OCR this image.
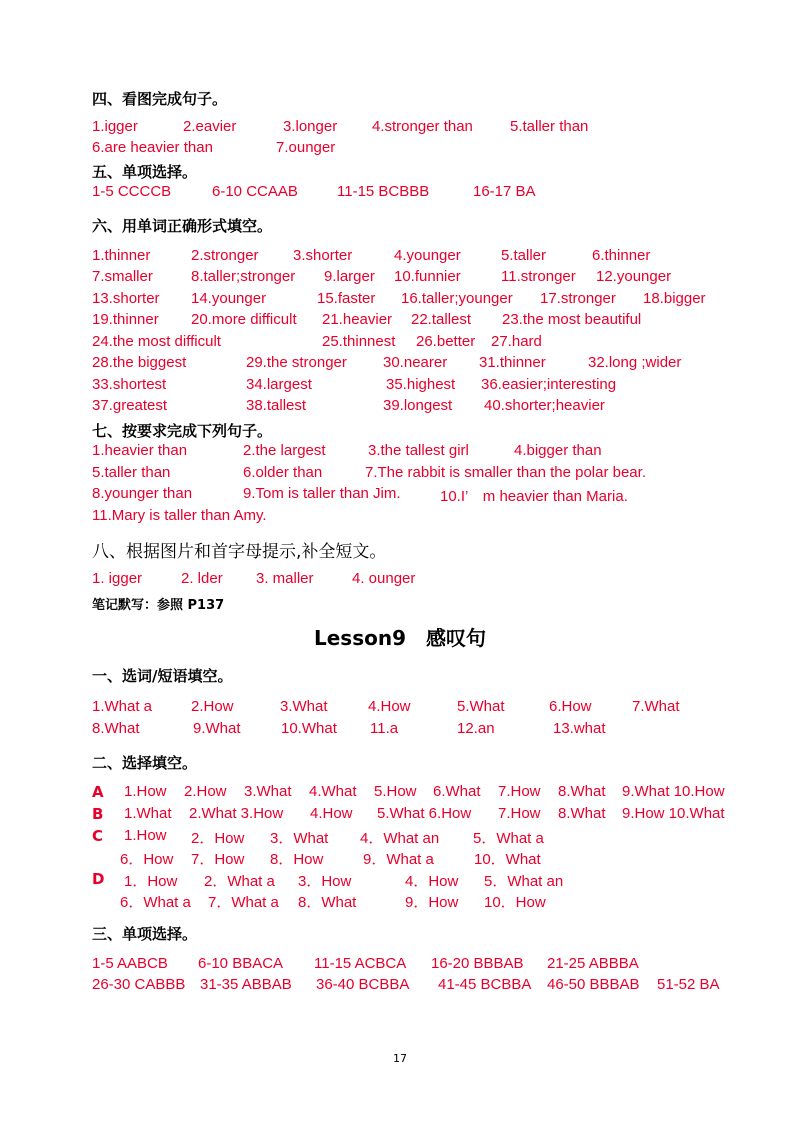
四、看图完成句子。
1.igger	2.eavier	3.longer 4.stronger than 5.taller than
6.are heavier than	7.ounger
五、单项选择。
1-5 CCCCB	6-10 CCAAB	11-15 BCBBB	16-17 BA
六、用单词正确形式填空。
1.thinner	2.stronger 3.shorter	4.younger	5.taller	6.thinner
7.smaller	8.taller;stronger 9.larger 10.funnier	11.stronger 12.younger
13.shorter 14.younger	15.faster 16.taller;younger 17.stronger 18.bigger
19.thinner 20.more difficult 21.heavier 22.tallest 23.the most beautiful
24.the most difficult	25.thinnest 26.better 27.hard
28.the biggest	29.the stronger 30.nearer 31.thinner	32.long ;wider
33.shortest	34.largest	35.highest 36.easier;interesting
37.greatest	38.tallest	39.longest 40.shorter;heavier
七、按要求完成下列句子。
1.heavier than	2.the largest	3.the tallest girl	4.bigger than
5.taller than	6.older than	7.The rabbit is smaller than the polar bear.
8.younger than	9.Tom is taller than Jim.	10.I’　m heavier than Maria.
11.Mary is taller than Amy.
八、根据图片和首字母提示,补全短文。
1. igger	2. lder 3. maller	4. ounger
笔记默写：参照 P137
Lesson9　感叹句
一、选词/短语填空。
1.What a	2.How	3.What	4.How	5.What	6.How	7.What
8.What	9.What	10.What 11.a	12.an	13.what
二、选择填空。
A 1.How 2.How 3.What 4.What 5.How 6.What 7.How 8.What 9.What 10.How
B 1.What 2.What 3.How 4.How 5.What 6.How 7.How 8.What 9.How 10.What
C 1.How 2．How 3．What 4．What an 5．What a
6．How 7．How 8．How	9．What a	10．What
D 1．How 2．What a 3．How	4．How 5．What an
6．What a 7．What a 8．What	9．How 10．How
三、单项选择。
1-5 AABCB 6-10 BBACA 11-15 ACBCA 16-20 BBBAB 21-25 ABBBA
26-30 CABBB 31-35 ABBAB 36-40 BCBBA 41-45 BCBBA 46-50 BBBAB 51-52 BA
17
